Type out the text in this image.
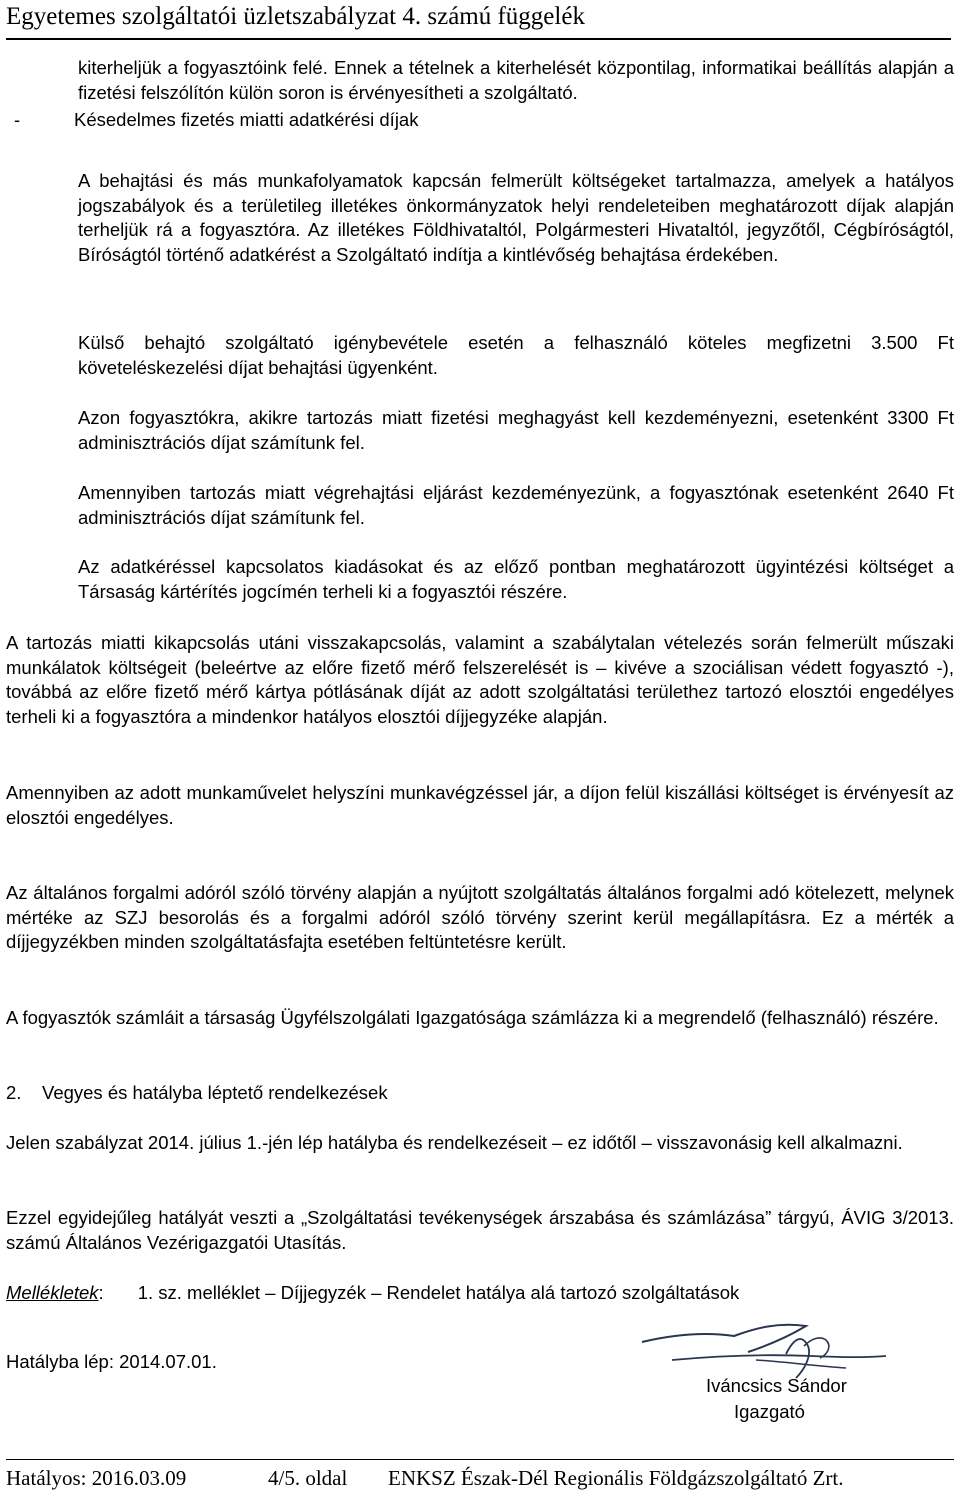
Egyetemes szolgáltatói üzletszabályzat 4. számú függelék
kiterheljük a fogyasztóink felé. Ennek a tételnek a kiterhelését központilag, informatikai beállítás alapján a fizetési felszólítón külön soron is érvényesítheti a szolgáltató.
-	Késedelmes fizetés miatti adatkérési díjak
A behajtási és más munkafolyamatok kapcsán felmerült költségeket tartalmazza, amelyek a hatályos jogszabályok és a területileg illetékes önkormányzatok helyi rendeleteiben meghatározott díjak alapján terheljük rá a fogyasztóra. Az illetékes Földhivataltól, Polgármesteri Hivataltól, jegyzőtől, Cégbíróságtól, Bíróságtól történő adatkérést a Szolgáltató indítja a kintlévőség behajtása érdekében.
Külső behajtó szolgáltató igénybevétele esetén a felhasználó köteles megfizetni 3.500 Ft követeléskezelési díjat behajtási ügyenként.
Azon fogyasztókra, akikre tartozás miatt fizetési meghagyást kell kezdeményezni, esetenként 3300 Ft adminisztrációs díjat számítunk fel.
Amennyiben tartozás miatt végrehajtási eljárást kezdeményezünk, a fogyasztónak esetenként 2640 Ft adminisztrációs díjat számítunk fel.
Az adatkéréssel kapcsolatos kiadásokat és az előző pontban meghatározott ügyintézési költséget a Társaság kártérítés jogcímén terheli ki a fogyasztói részére.
A tartozás miatti kikapcsolás utáni visszakapcsolás, valamint a szabálytalan vételezés során felmerült műszaki munkálatok költségeit (beleértve az előre fizető mérő felszerelését is – kivéve a szociálisan védett fogyasztó -), továbbá az előre fizető mérő kártya pótlásának díját az adott szolgáltatási területhez tartozó elosztói engedélyes terheli ki a fogyasztóra a mindenkor hatályos elosztói díjjegyzéke alapján.
Amennyiben az adott munkaművelet helyszíni munkavégzéssel jár, a díjon felül kiszállási költséget is érvényesít az elosztói engedélyes.
Az általános forgalmi adóról szóló törvény alapján a nyújtott szolgáltatás általános forgalmi adó kötelezett, melynek mértéke az SZJ besorolás és a forgalmi adóról szóló törvény szerint kerül megállapításra. Ez a mérték a díjjegyzékben minden szolgáltatásfajta esetében feltüntetésre került.
A fogyasztók számláit a társaság Ügyfélszolgálati Igazgatósága számlázza ki a megrendelő (felhasználó) részére.
2. Vegyes és hatályba léptető rendelkezések
Jelen szabályzat 2014. július 1.-jén lép hatályba és rendelkezéseit – ez időtől – visszavonásig kell alkalmazni.
Ezzel egyidejűleg hatályát veszti a „Szolgáltatási tevékenységek árszabása és számlázása” tárgyú, ÁVIG 3/2013. számú Általános Vezérigazgatói Utasítás.
Mellékletek: 1. sz. melléklet – Díjjegyzék – Rendelet hatálya alá tartozó szolgáltatások
Hatályba lép: 2014.07.01.
Iváncsics Sándor
Igazgató
Hatályos: 2016.03.09	4/5. oldal ENKSZ Észak-Dél Regionális Földgázszolgáltató Zrt.
